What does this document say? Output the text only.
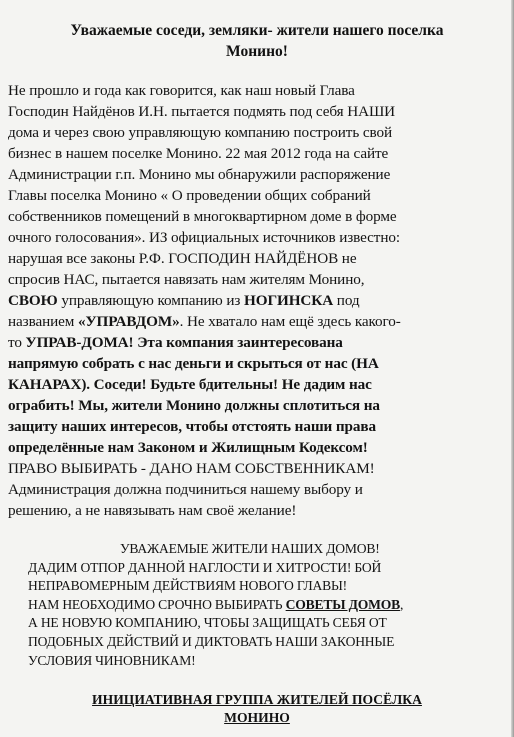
Уважаемые соседи, земляки- жители нашего поселка
Монино!
Не прошло и года как говорится, как наш новый Глава
Господин Найдёнов И.Н. пытается подмять под себя НАШИ
дома и через свою управляющую компанию построить свой
бизнес в нашем поселке Монино. 22 мая 2012 года на сайте
Администрации г.п. Монино мы обнаружили распоряжение
Главы поселка Монино « О проведении общих собраний
собственников помещений в многоквартирном доме в форме
очного голосования». ИЗ официальных источников известно:
нарушая все законы Р.Ф. ГОСПОДИН НАЙДЁНОВ не
спросив НАС, пытается навязать нам жителям Монино,
СВОЮ управляющую компанию из НОГИНСКА под
названием «УПРАВДОМ». Не хватало нам ещё здесь какого-
то УПРАВ-ДОМА! Эта компания заинтересована
напрямую собрать с нас деньги и скрыться от нас (НА
КАНАРАХ). Соседи! Будьте бдительны! Не дадим нас
ограбить! Мы, жители Монино должны сплотиться на
защиту наших интересов, чтобы отстоять наши права
определённые нам Законом и Жилищным Кодексом!
ПРАВО ВЫБИРАТЬ - ДАНО НАМ СОБСТВЕННИКАМ!
Администрация должна подчиниться нашему выбору и
решению, а не навязывать нам своё желание!
УВАЖАЕМЫЕ ЖИТЕЛИ НАШИХ ДОМОВ!
ДАДИМ ОТПОР ДАННОЙ НАГЛОСТИ И ХИТРОСТИ! БОЙ
НЕПРАВОМЕРНЫМ ДЕЙСТВИЯМ НОВОГО ГЛАВЫ!
НАМ НЕОБХОДИМО СРОЧНО ВЫБИРАТЬ СОВЕТЫ ДОМОВ,
А НЕ НОВУЮ КОМПАНИЮ, ЧТОБЫ ЗАЩИЩАТЬ СЕБЯ ОТ
ПОДОБНЫХ ДЕЙСТВИЙ И ДИКТОВАТЬ НАШИ ЗАКОННЫЕ
УСЛОВИЯ ЧИНОВНИКАМ!
ИНИЦИАТИВНАЯ ГРУППА ЖИТЕЛЕЙ ПОСЁЛКА
МОНИНО
